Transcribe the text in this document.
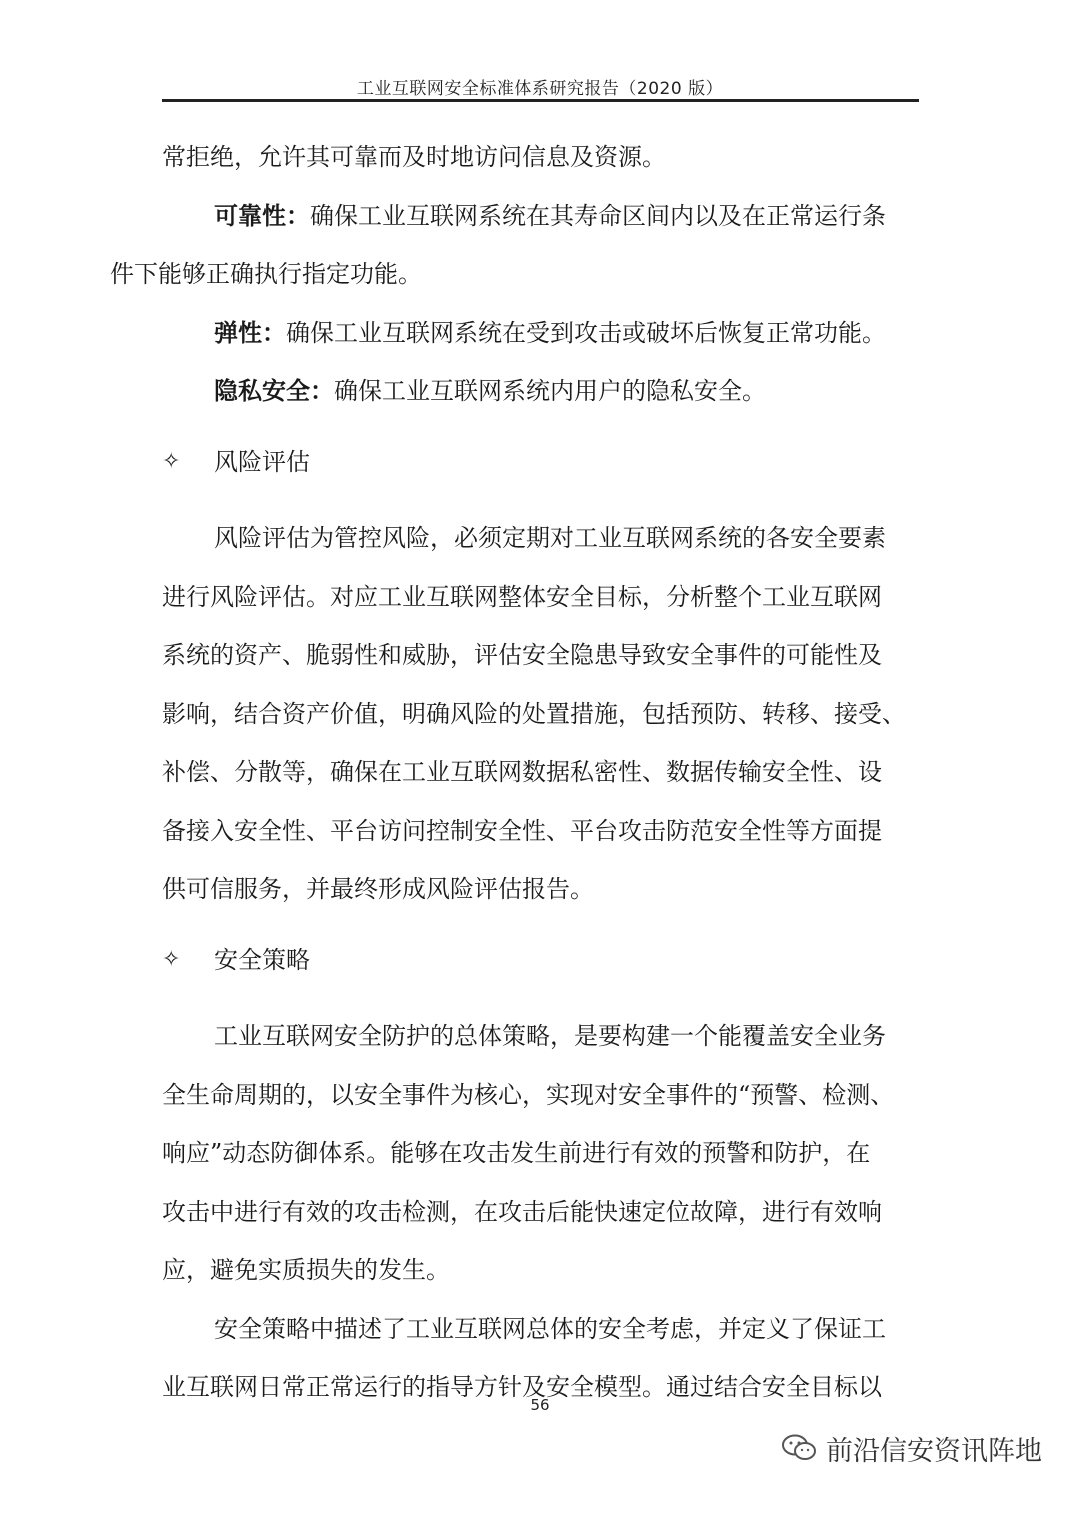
工业互联网安全标准体系研究报告（2020 版）

常拒绝，允许其可靠而及时地访问信息及资源。

可靠性：确保工业互联网系统在其寿命区间内以及在正常运行条
件下能够正确执行指定功能。

弹性：确保工业互联网系统在受到攻击或破坏后恢复正常功能。

隐私安全：确保工业互联网系统内用户的隐私安全。

✧	风险评估

风险评估为管控风险，必须定期对工业互联网系统的各安全要素
进行风险评估。对应工业互联网整体安全目标，分析整个工业互联网
系统的资产、脆弱性和威胁，评估安全隐患导致安全事件的可能性及
影响，结合资产价值，明确风险的处置措施，包括预防、转移、接受、
补偿、分散等，确保在工业互联网数据私密性、数据传输安全性、设
备接入安全性、平台访问控制安全性、平台攻击防范安全性等方面提
供可信服务，并最终形成风险评估报告。

✧	安全策略

工业互联网安全防护的总体策略，是要构建一个能覆盖安全业务
全生命周期的，以安全事件为核心，实现对安全事件的“预警、检测、
响应”动态防御体系。能够在攻击发生前进行有效的预警和防护，在
攻击中进行有效的攻击检测，在攻击后能快速定位故障，进行有效响
应，避免实质损失的发生。

安全策略中描述了工业互联网总体的安全考虑，并定义了保证工
业互联网日常正常运行的指导方针及安全模型。通过结合安全目标以

56
前沿信安资讯阵地
